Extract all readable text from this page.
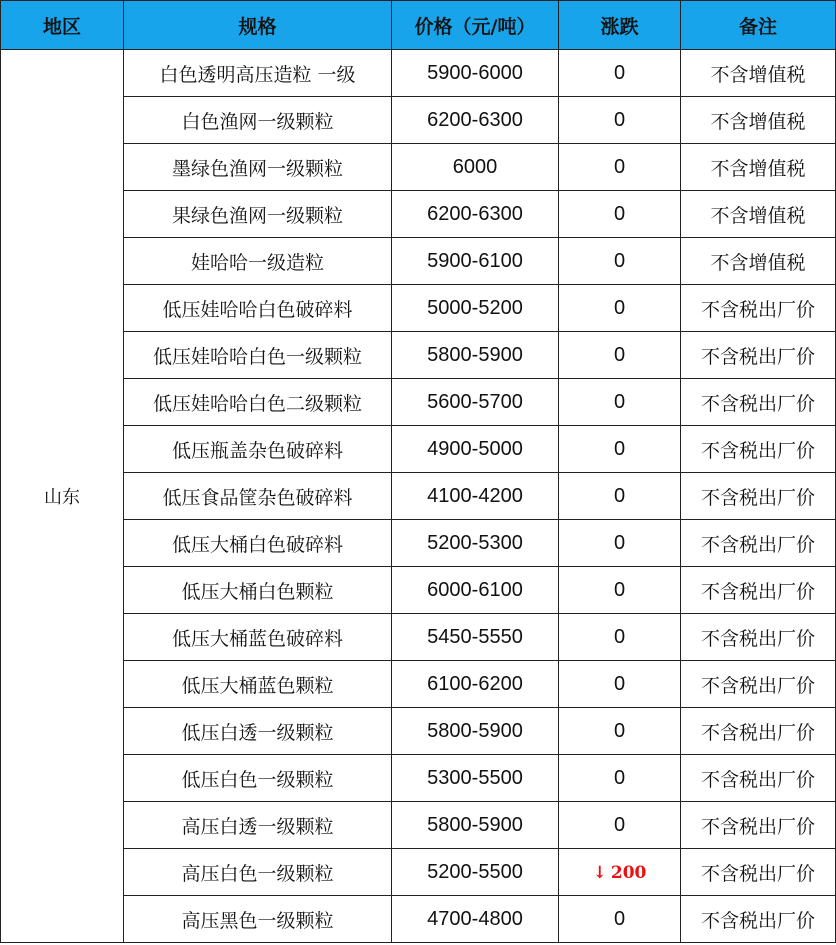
地区	规格	价格（元/吨）	涨跌	备注
山东	白色透明高压造粒 一级	5900-6000	0	不含增值税
	白色渔网一级颗粒	6200-6300	0	不含增值税
	墨绿色渔网一级颗粒	6000	0	不含增值税
	果绿色渔网一级颗粒	6200-6300	0	不含增值税
	娃哈哈一级造粒	5900-6100	0	不含增值税
	低压娃哈哈白色破碎料	5000-5200	0	不含税出厂价
	低压娃哈哈白色一级颗粒	5800-5900	0	不含税出厂价
	低压娃哈哈白色二级颗粒	5600-5700	0	不含税出厂价
	低压瓶盖杂色破碎料	4900-5000	0	不含税出厂价
	低压食品筐杂色破碎料	4100-4200	0	不含税出厂价
	低压大桶白色破碎料	5200-5300	0	不含税出厂价
	低压大桶白色颗粒	6000-6100	0	不含税出厂价
	低压大桶蓝色破碎料	5450-5550	0	不含税出厂价
	低压大桶蓝色颗粒	6100-6200	0	不含税出厂价
	低压白透一级颗粒	5800-5900	0	不含税出厂价
	低压白色一级颗粒	5300-5500	0	不含税出厂价
	高压白透一级颗粒	5800-5900	0	不含税出厂价
	高压白色一级颗粒	5200-5500	↓ 200	不含税出厂价
	高压黑色一级颗粒	4700-4800	0	不含税出厂价
